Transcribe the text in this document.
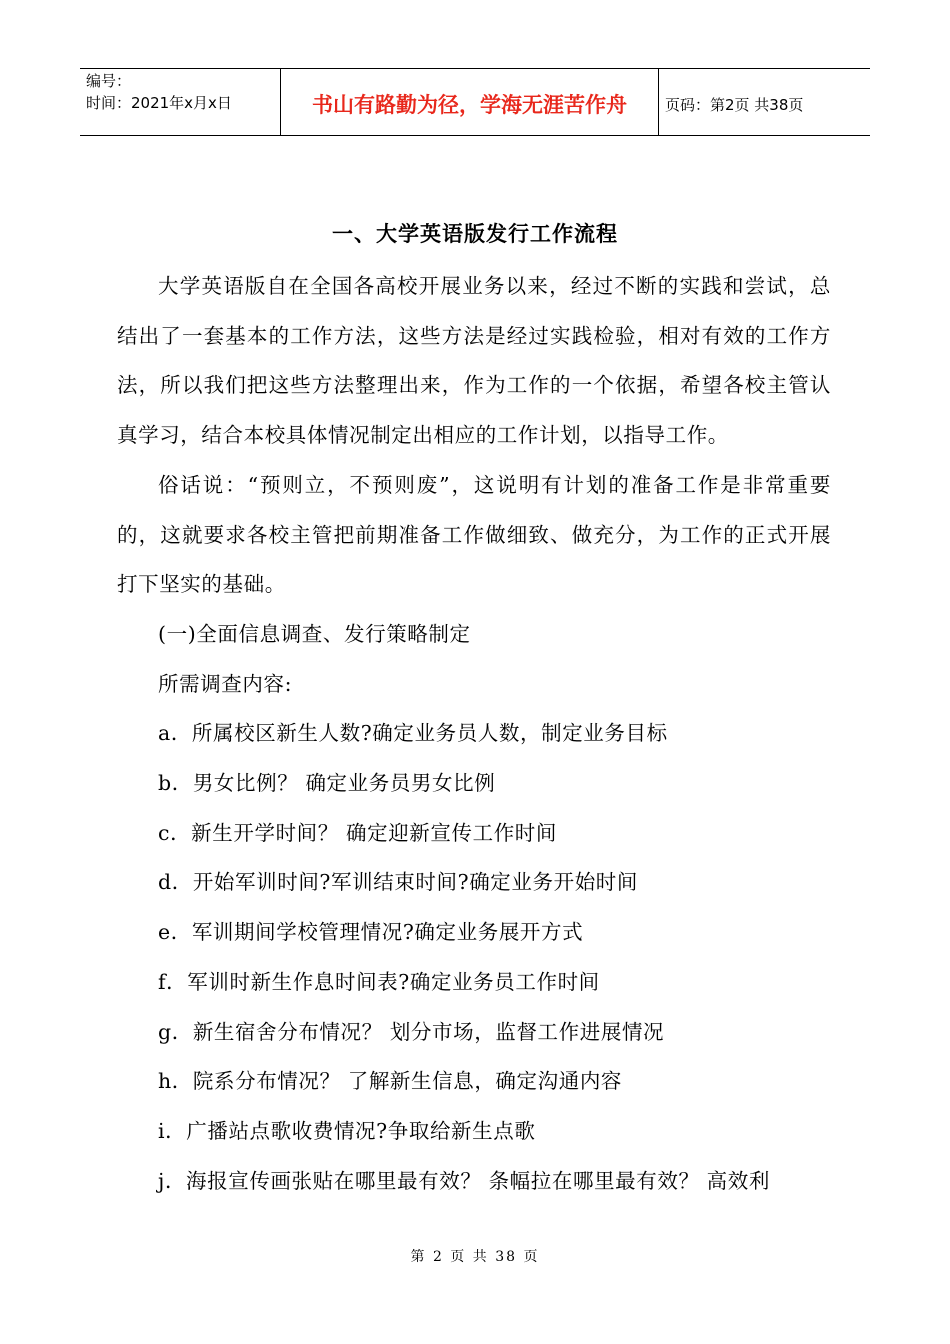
编号：
时间：2021年x月x日	书山有路勤为径，学海无涯苦作舟	页码：第2页 共38页
一、大学英语版发行工作流程

大学英语版自在全国各高校开展业务以来，经过不断的实践和尝试，总结出了一套基本的工作方法，这些方法是经过实践检验，相对有效的工作方法，所以我们把这些方法整理出来，作为工作的一个依据，希望各校主管认真学习，结合本校具体情况制定出相应的工作计划，以指导工作。

俗话说：“预则立，不预则废”，这说明有计划的准备工作是非常重要的，这就要求各校主管把前期准备工作做细致、做充分，为工作的正式开展打下坚实的基础。

(一)全面信息调查、发行策略制定

所需调查内容:

a．所属校区新生人数?确定业务员人数，制定业务目标

b．男女比例？ 确定业务员男女比例

c．新生开学时间？ 确定迎新宣传工作时间

d．开始军训时间?军训结束时间?确定业务开始时间

e．军训期间学校管理情况?确定业务展开方式

f．军训时新生作息时间表?确定业务员工作时间

g．新生宿舍分布情况？ 划分市场，监督工作进展情况

h．院系分布情况？ 了解新生信息，确定沟通内容

i．广播站点歌收费情况?争取给新生点歌

j．海报宣传画张贴在哪里最有效？ 条幅拉在哪里最有效？ 高效利

第 2 页 共 38 页
